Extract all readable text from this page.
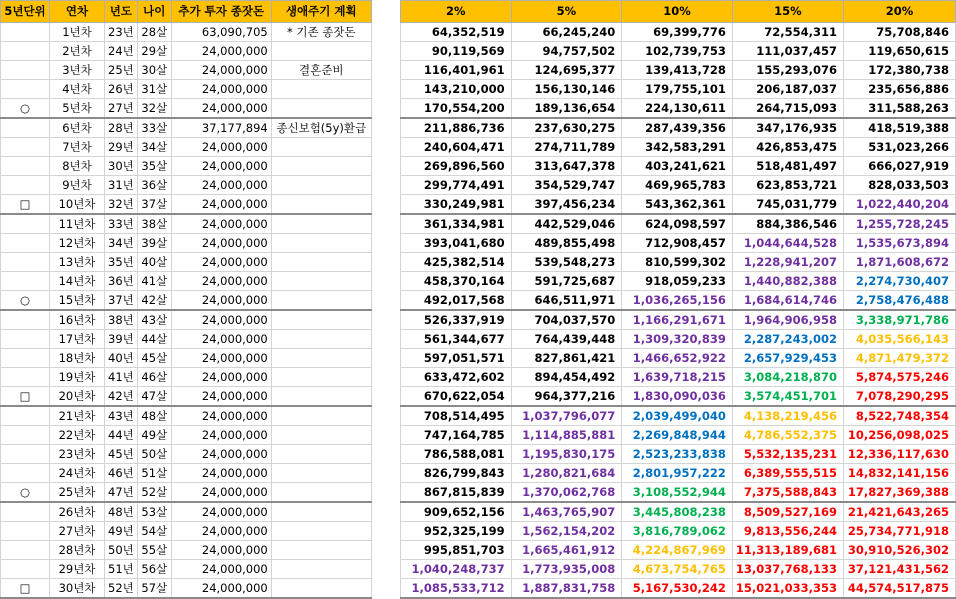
5년단위	연차	년도	나이	추가 투자 종잣돈	생애주기 계획
	1년차	23년	28살	63,090,705	* 기존 종잣돈
	2년차	24년	29살	24,000,000	
	3년차	25년	30살	24,000,000	결혼준비
	4년차	26년	31살	24,000,000	
○	5년차	27년	32살	24,000,000	
	6년차	28년	33살	37,177,894	종신보험(5y)환급
	7년차	29년	34살	24,000,000	
	8년차	30년	35살	24,000,000	
	9년차	31년	36살	24,000,000	
□	10년차	32년	37살	24,000,000	
	11년차	33년	38살	24,000,000	
	12년차	34년	39살	24,000,000	
	13년차	35년	40살	24,000,000	
	14년차	36년	41살	24,000,000	
○	15년차	37년	42살	24,000,000	
	16년차	38년	43살	24,000,000	
	17년차	39년	44살	24,000,000	
	18년차	40년	45살	24,000,000	
	19년차	41년	46살	24,000,000	
□	20년차	42년	47살	24,000,000	
	21년차	43년	48살	24,000,000	
	22년차	44년	49살	24,000,000	
	23년차	45년	50살	24,000,000	
	24년차	46년	51살	24,000,000	
○	25년차	47년	52살	24,000,000	
	26년차	48년	53살	24,000,000	
	27년차	49년	54살	24,000,000	
	28년차	50년	55살	24,000,000	
	29년차	51년	56살	24,000,000	
□	30년차	52년	57살	24,000,000	
2%	5%	10%	15%	20%
64,352,519	66,245,240	69,399,776	72,554,311	75,708,846
90,119,569	94,757,502	102,739,753	111,037,457	119,650,615
116,401,961	124,695,377	139,413,728	155,293,076	172,380,738
143,210,000	156,130,146	179,755,101	206,187,037	235,656,886
170,554,200	189,136,654	224,130,611	264,715,093	311,588,263
211,886,736	237,630,275	287,439,356	347,176,935	418,519,388
240,604,471	274,711,789	342,583,291	426,853,475	531,023,266
269,896,560	313,647,378	403,241,621	518,481,497	666,027,919
299,774,491	354,529,747	469,965,783	623,853,721	828,033,503
330,249,981	397,456,234	543,362,361	745,031,779	1,022,440,204
361,334,981	442,529,046	624,098,597	884,386,546	1,255,728,245
393,041,680	489,855,498	712,908,457	1,044,644,528	1,535,673,894
425,382,514	539,548,273	810,599,302	1,228,941,207	1,871,608,672
458,370,164	591,725,687	918,059,233	1,440,882,388	2,274,730,407
492,017,568	646,511,971	1,036,265,156	1,684,614,746	2,758,476,488
526,337,919	704,037,570	1,166,291,671	1,964,906,958	3,338,971,786
561,344,677	764,439,448	1,309,320,839	2,287,243,002	4,035,566,143
597,051,571	827,861,421	1,466,652,922	2,657,929,453	4,871,479,372
633,472,602	894,454,492	1,639,718,215	3,084,218,870	5,874,575,246
670,622,054	964,377,216	1,830,090,036	3,574,451,701	7,078,290,295
708,514,495	1,037,796,077	2,039,499,040	4,138,219,456	8,522,748,354
747,164,785	1,114,885,881	2,269,848,944	4,786,552,375	10,256,098,025
786,588,081	1,195,830,175	2,523,233,838	5,532,135,231	12,336,117,630
826,799,843	1,280,821,684	2,801,957,222	6,389,555,515	14,832,141,156
867,815,839	1,370,062,768	3,108,552,944	7,375,588,843	17,827,369,388
909,652,156	1,463,765,907	3,445,808,238	8,509,527,169	21,421,643,265
952,325,199	1,562,154,202	3,816,789,062	9,813,556,244	25,734,771,918
995,851,703	1,665,461,912	4,224,867,969	11,313,189,681	30,910,526,302
1,040,248,737	1,773,935,008	4,673,754,765	13,037,768,133	37,121,431,562
1,085,533,712	1,887,831,758	5,167,530,242	15,021,033,353	44,574,517,875
